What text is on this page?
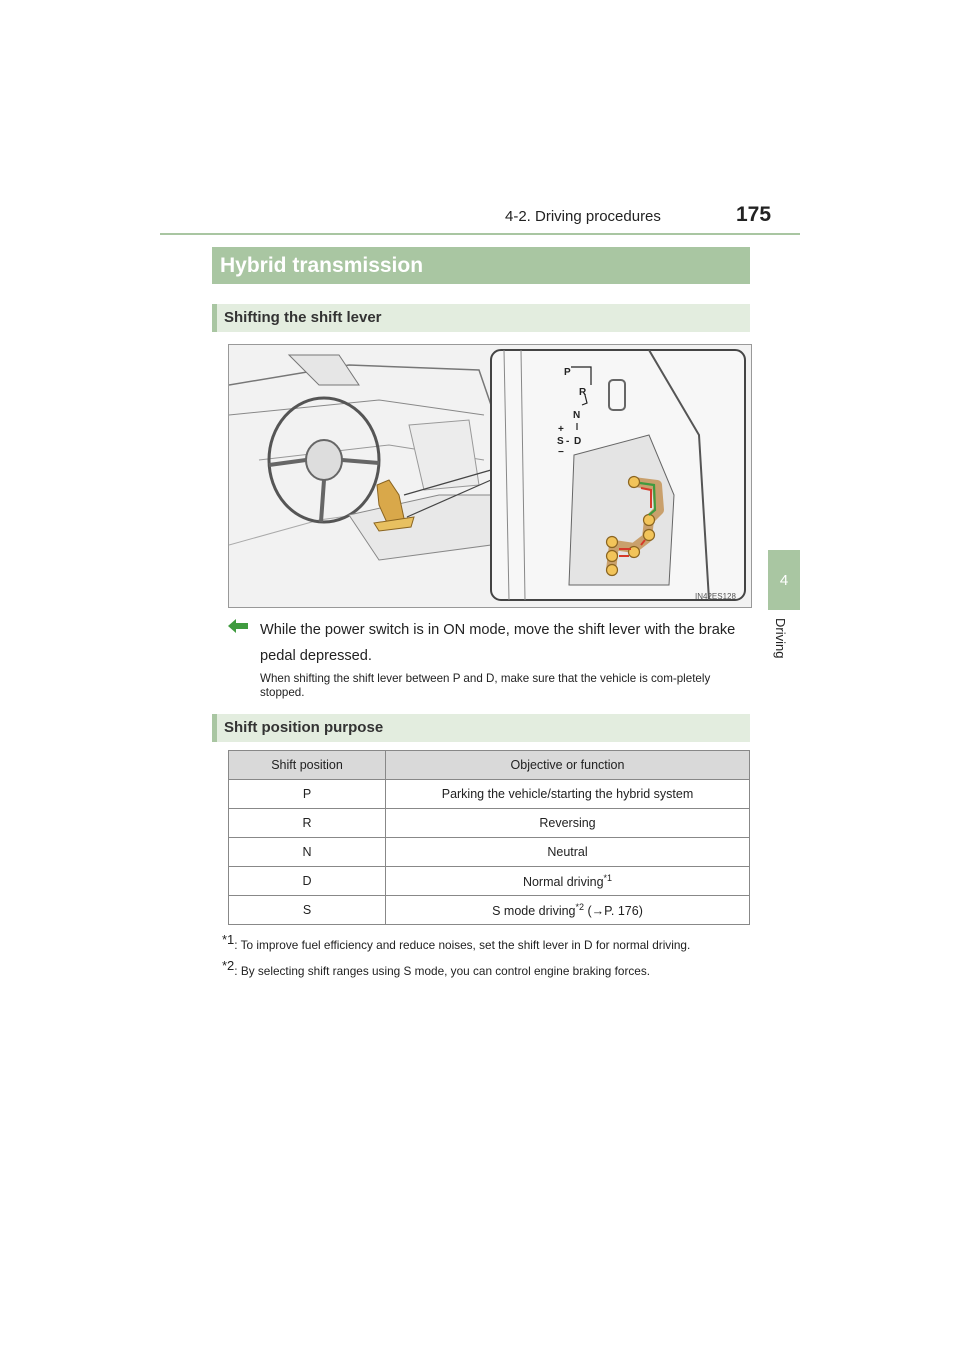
4-2. Driving procedures	175
4
Driving
Hybrid transmission
Shifting the shift lever
P
R
N
+
S - D
−
IN42ES128
While the power switch is in ON mode, move the shift lever with the brake pedal depressed.
When shifting the shift lever between P and D, make sure that the vehicle is com-pletely stopped.
Shift position purpose
Shift position	Objective or function
P	Parking the vehicle/starting the hybrid system
R	Reversing
N	Neutral
D	Normal driving$^{*1}$
S	S mode driving$^{*2}$ (→P. 176)
$^{*1}$: To improve fuel efficiency and reduce noises, set the shift lever in D for normal driving.
$^{*2}$: By selecting shift ranges using S mode, you can control engine braking forces.
